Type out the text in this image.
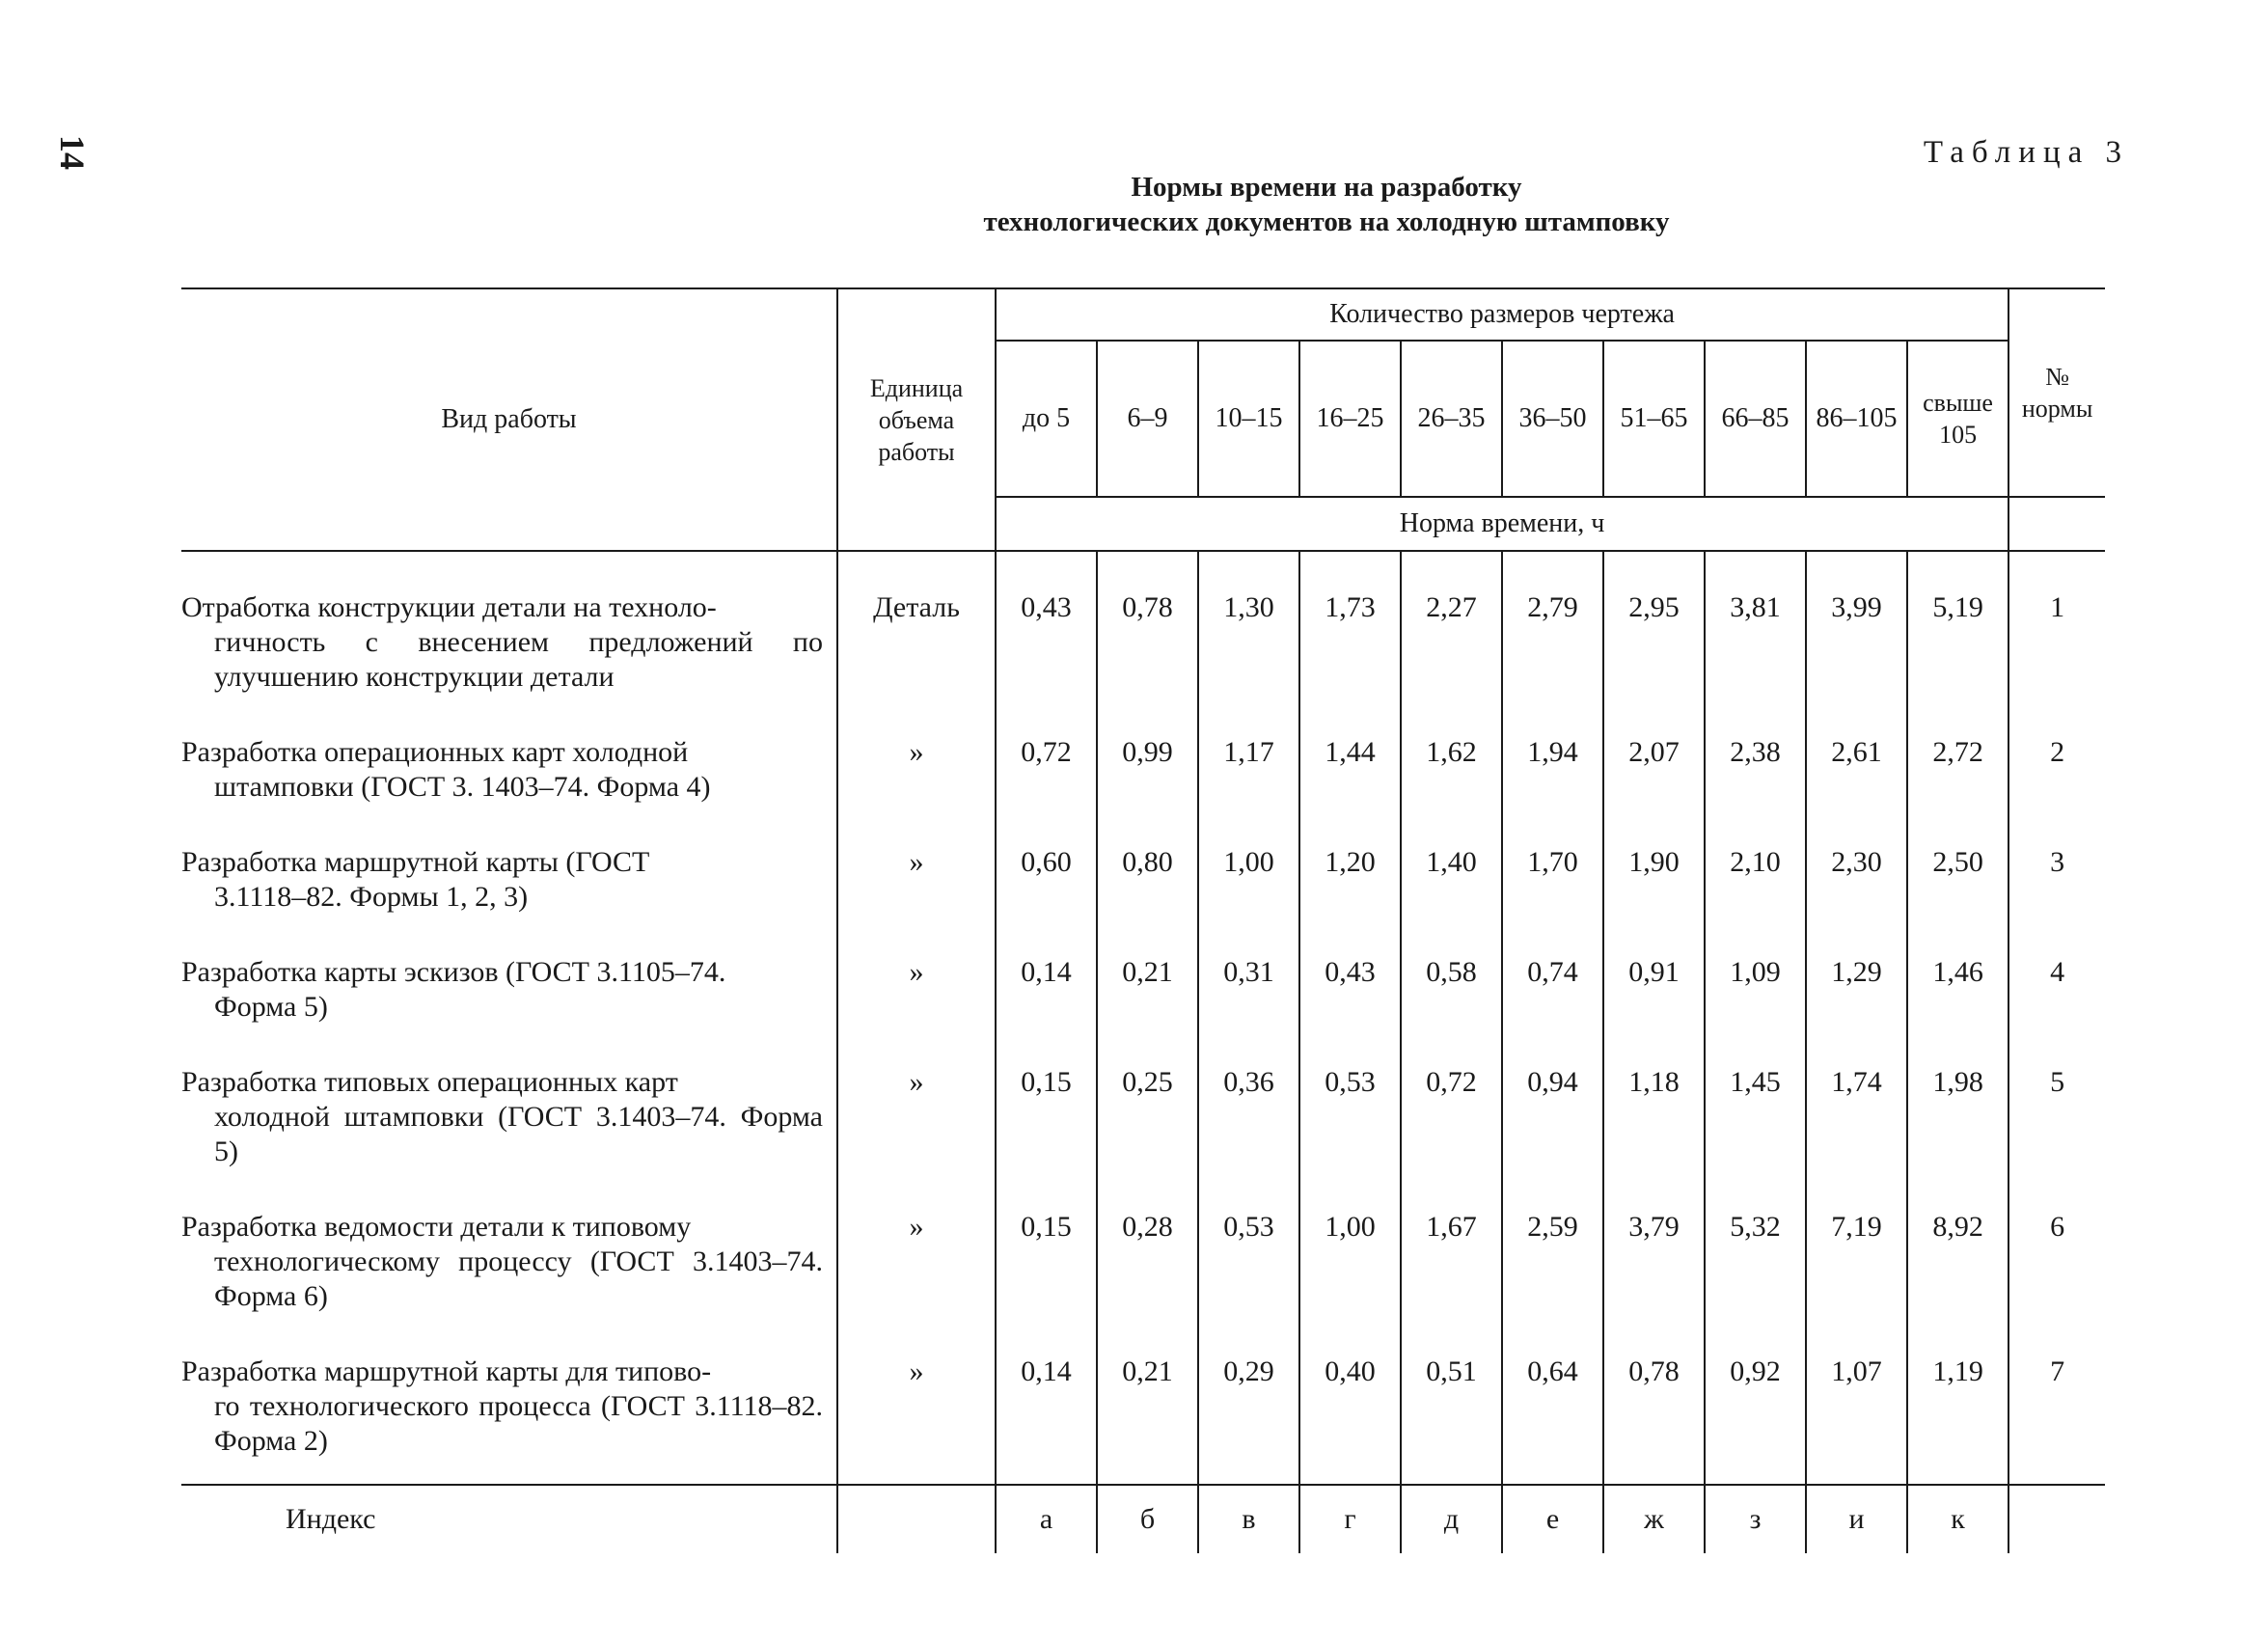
14	Таблица 3
Нормы времени на разработку
технологических документов на холодную штамповку
Вид работы	Единица объема работы	Количество размеров чертежа										№ нормы
		до 5	6–9	10–15	16–25	26–35	36–50	51–65	66–85	86–105	свыше 105	
		Норма времени, ч										
Отработка конструкции детали на техноло-
гичность с внесением предложений по улучшению конструкции детали	Деталь	0,43	0,78	1,30	1,73	2,27	2,79	2,95	3,81	3,99	5,19	1
Разработка операционных карт холодной
штамповки (ГОСТ 3. 1403–74. Форма 4)	»	0,72	0,99	1,17	1,44	1,62	1,94	2,07	2,38	2,61	2,72	2
Разработка маршрутной карты (ГОСТ
3.1118–82. Формы 1, 2, 3)	»	0,60	0,80	1,00	1,20	1,40	1,70	1,90	2,10	2,30	2,50	3
Разработка карты эскизов (ГОСТ 3.1105–74.
Форма 5)	»	0,14	0,21	0,31	0,43	0,58	0,74	0,91	1,09	1,29	1,46	4
Разработка типовых операционных карт
холодной штамповки (ГОСТ 3.1403–74. Форма 5)	»	0,15	0,25	0,36	0,53	0,72	0,94	1,18	1,45	1,74	1,98	5
Разработка ведомости детали к типовому
технологическому процессу (ГОСТ 3.1403–74. Форма 6)	»	0,15	0,28	0,53	1,00	1,67	2,59	3,79	5,32	7,19	8,92	6
Разработка маршрутной карты для типово-
го технологического процесса (ГОСТ 3.1118–82. Форма 2)	»	0,14	0,21	0,29	0,40	0,51	0,64	0,78	0,92	1,07	1,19	7
Индекс		а	б	в	г	д	е	ж	з	и	к	
